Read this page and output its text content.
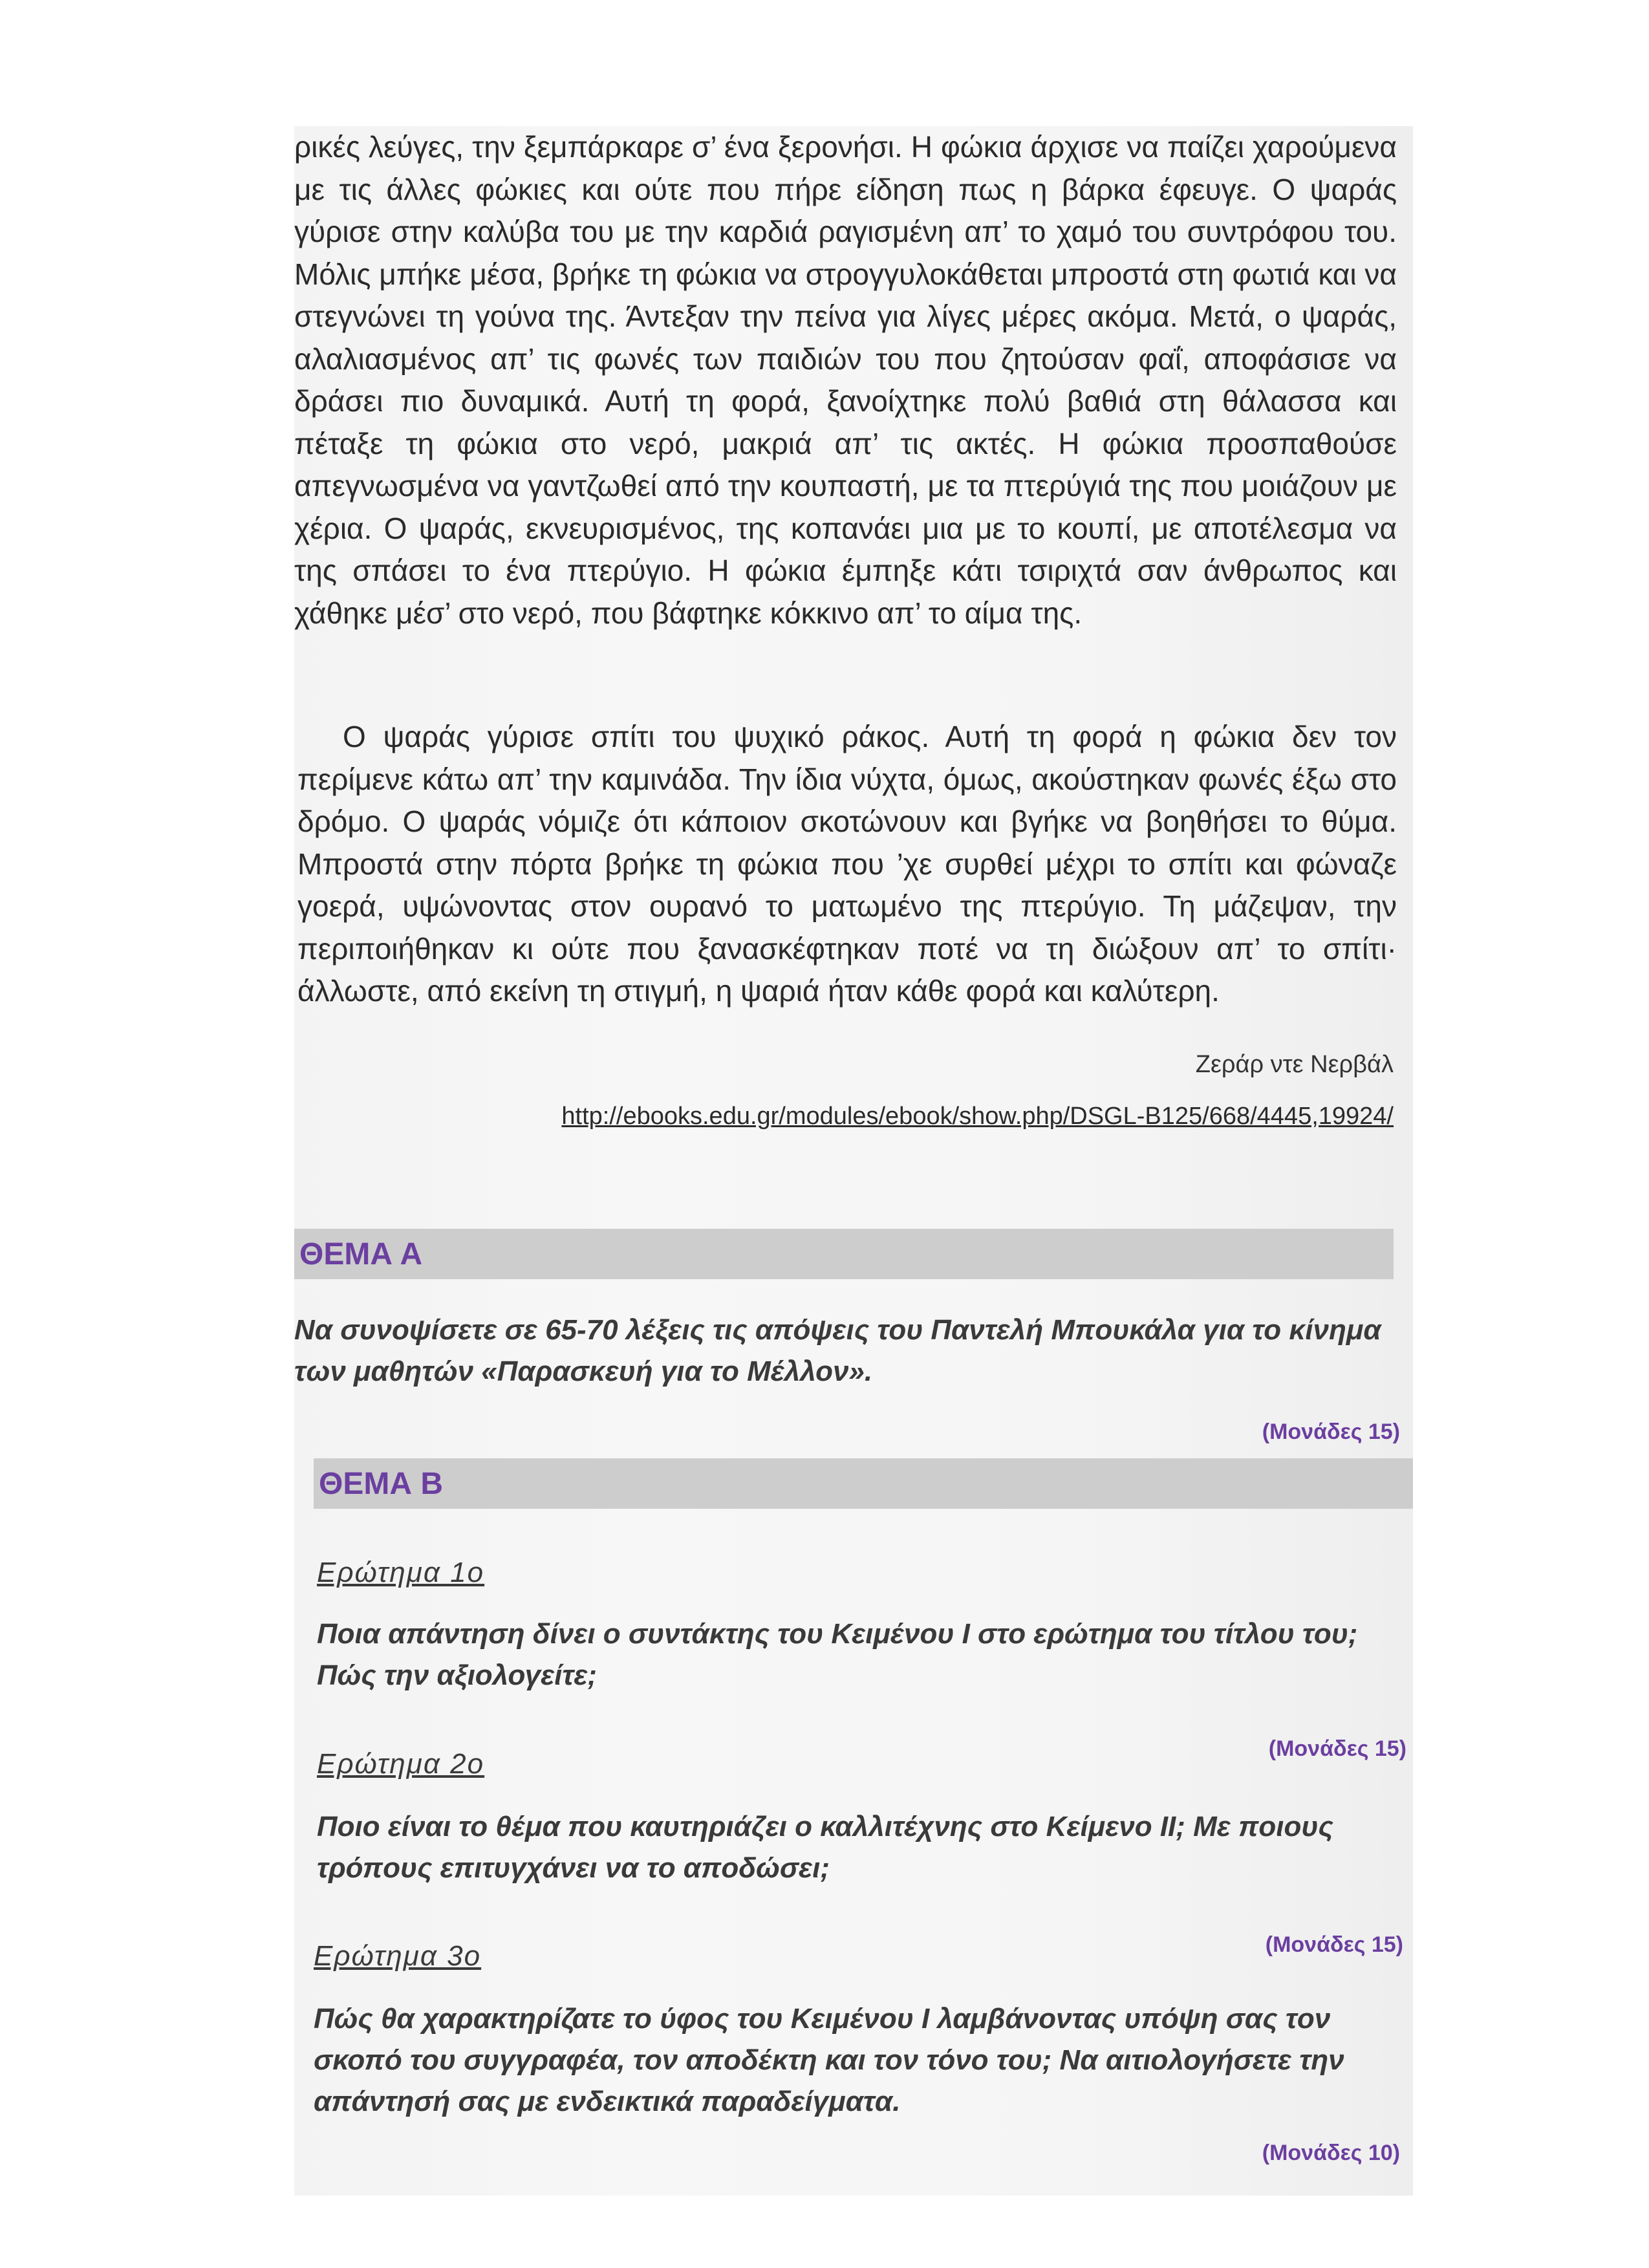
ρικές λεύγες, την ξεμπάρκαρε σ’ ένα ξερονήσι. Η φώκια άρχισε να παίζει χαρούμενα με τις άλλες φώκιες και ούτε που πήρε είδηση πως η βάρκα έφευγε. Ο ψαράς γύρισε στην καλύβα του με την καρδιά ραγισμένη απ’ το χαμό του συντρόφου του. Μόλις μπήκε μέσα, βρήκε τη φώκια να στρογγυλοκάθεται μπροστά στη φωτιά και να στεγνώνει τη γούνα της. Άντεξαν την πείνα για λίγες μέρες ακόμα. Μετά, ο ψαράς, αλαλιασμένος απ’ τις φωνές των παιδιών του που ζητούσαν φαΐ, αποφάσισε να δράσει πιο δυναμικά. Αυτή τη φορά, ξανοίχτηκε πολύ βαθιά στη θάλασσα και πέταξε τη φώκια στο νερό, μακριά απ’ τις ακτές. Η φώκια προσπαθούσε απεγνωσμένα να γαντζωθεί από την κουπαστή, με τα πτερύγιά της που μοιάζουν με χέρια. Ο ψαράς, εκνευρισμένος, της κοπανάει μια με το κουπί, με αποτέλεσμα να της σπάσει το ένα πτερύγιο. Η φώκια έμπηξε κάτι τσιριχτά σαν άνθρωπος και χάθηκε μέσ’ στο νερό, που βάφτηκε κόκκινο απ’ το αίμα της.

Ο ψαράς γύρισε σπίτι του ψυχικό ράκος. Αυτή τη φορά η φώκια δεν τον περίμενε κάτω απ’ την καμινάδα. Την ίδια νύχτα, όμως, ακούστηκαν φωνές έξω στο δρόμο. Ο ψαράς νόμιζε ότι κάποιον σκοτώνουν και βγήκε να βοηθήσει το θύμα. Μπροστά στην πόρτα βρήκε τη φώκια που ’χε συρθεί μέχρι το σπίτι και φώναζε γοερά, υψώνοντας στον ουρανό το ματωμένο της πτερύγιο. Τη μάζεψαν, την περιποιήθηκαν κι ούτε που ξανασκέφτηκαν ποτέ να τη διώξουν απ’ το σπίτι· άλλωστε, από εκείνη τη στιγμή, η ψαριά ήταν κάθε φορά και καλύτερη.

Ζεράρ ντε Νερβάλ
http://ebooks.edu.gr/modules/ebook/show.php/DSGL-B125/668/4445,19924/
ΘΕΜΑ Α
Να συνοψίσετε σε 65-70 λέξεις τις απόψεις του Παντελή Μπουκάλα για το κίνημα των μαθητών «Παρασκευή για το Μέλλον».
(Μονάδες 15)
ΘΕΜΑ Β
Ερώτημα 1ο
Ποια απάντηση δίνει ο συντάκτης του Κειμένου Ι στο ερώτημα του τίτλου του; Πώς την αξιολογείτε;
(Μονάδες 15)
Ερώτημα 2ο
Ποιο είναι το θέμα που καυτηριάζει ο καλλιτέχνης στο Κείμενο ΙΙ; Με ποιους τρόπους επιτυγχάνει να το αποδώσει;
(Μονάδες 15)
Ερώτημα 3ο
Πώς θα χαρακτηρίζατε το ύφος του Κειμένου Ι λαμβάνοντας υπόψη σας τον σκοπό του συγγραφέα, τον αποδέκτη και τον τόνο του; Να αιτιολογήσετε την απάντησή σας με ενδεικτικά παραδείγματα.
(Μονάδες 10)
